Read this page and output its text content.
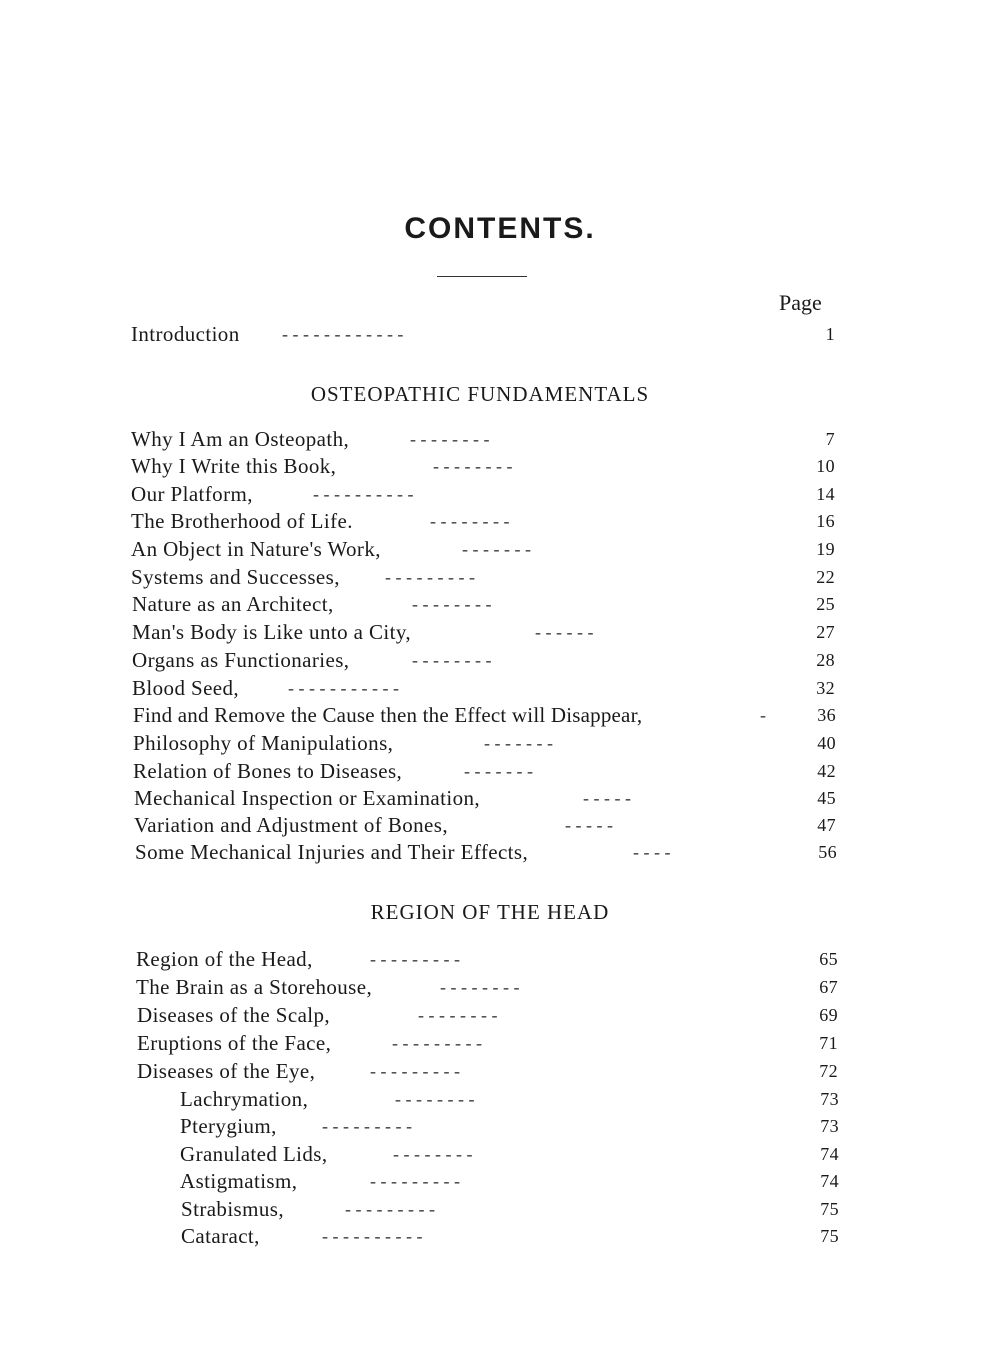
CONTENTS.
Page
Introduction - - - - - - - - - - - -	1
OSTEOPATHIC FUNDAMENTALS
Why I Am an Osteopath,	- - - - - - - -	7
Why I Write this Book,	- - - - - - - -	10
Our Platform,	- - - - - - - - - -	14
The Brotherhood of Life.	- - - - - - - -	16
An Object in Nature's Work,	- - - - - - -	19
Systems and Successes,	- - - - - - - - -	22
Nature as an Architect,	- - - - - - - -	25
Man's Body is Like unto a City,	- - - - - -	27
Organs as Functionaries,	- - - - - - - -	28
Blood Seed,	- - - - - - - - - - -	32
Find and Remove the Cause then the Effect will Disappear,	-	36
Philosophy of Manipulations,	- - - - - - -	40
Relation of Bones to Diseases,	- - - - - - -	42
Mechanical Inspection or Examination,	- - - - -	45
Variation and Adjustment of Bones,	- - - - -	47
Some Mechanical Injuries and Their Effects,	- - - -	56
REGION OF THE HEAD
Region of the Head,	- - - - - - - - -	65
The Brain as a Storehouse,	- - - - - - - -	67
Diseases of the Scalp,	- - - - - - - -	69
Eruptions of the Face,	- - - - - - - - -	71
Diseases of the Eye,	- - - - - - - - -	72
Lachrymation,	- - - - - - - -	73
Pterygium,	- - - - - - - - -	73
Granulated Lids,	- - - - - - - -	74
Astigmatism,	- - - - - - - - -	74
Strabismus,	- - - - - - - - -	75
Cataract,	- - - - - - - - - -	75
